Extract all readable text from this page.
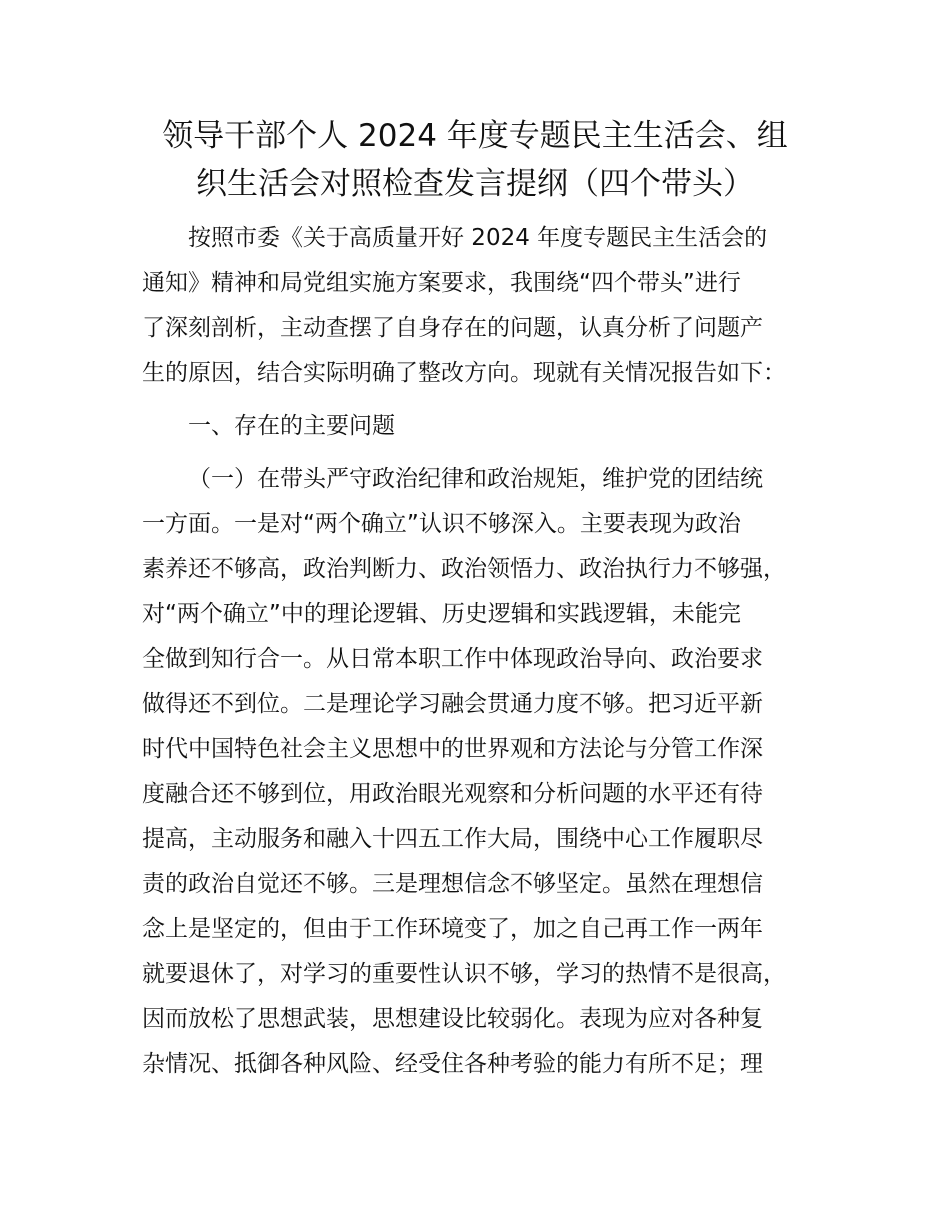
领导干部个人 2024 年度专题民主生活会、组
织生活会对照检查发言提纲（四个带头）

按照市委《关于高质量开好 2024 年度专题民主生活会的
通知》精神和局党组实施方案要求，我围绕“四个带头”进行
了深刻剖析，主动查摆了自身存在的问题，认真分析了问题产
生的原因，结合实际明确了整改方向。现就有关情况报告如下：

一、存在的主要问题

（一）在带头严守政治纪律和政治规矩，维护党的团结统
一方面。一是对“两个确立”认识不够深入。主要表现为政治
素养还不够高，政治判断力、政治领悟力、政治执行力不够强，
对“两个确立”中的理论逻辑、历史逻辑和实践逻辑，未能完
全做到知行合一。从日常本职工作中体现政治导向、政治要求
做得还不到位。二是理论学习融会贯通力度不够。把习近平新
时代中国特色社会主义思想中的世界观和方法论与分管工作深
度融合还不够到位，用政治眼光观察和分析问题的水平还有待
提高，主动服务和融入十四五工作大局，围绕中心工作履职尽
责的政治自觉还不够。三是理想信念不够坚定。虽然在理想信
念上是坚定的，但由于工作环境变了，加之自己再工作一两年
就要退休了，对学习的重要性认识不够，学习的热情不是很高，
因而放松了思想武装，思想建设比较弱化。表现为应对各种复
杂情况、抵御各种风险、经受住各种考验的能力有所不足；理
